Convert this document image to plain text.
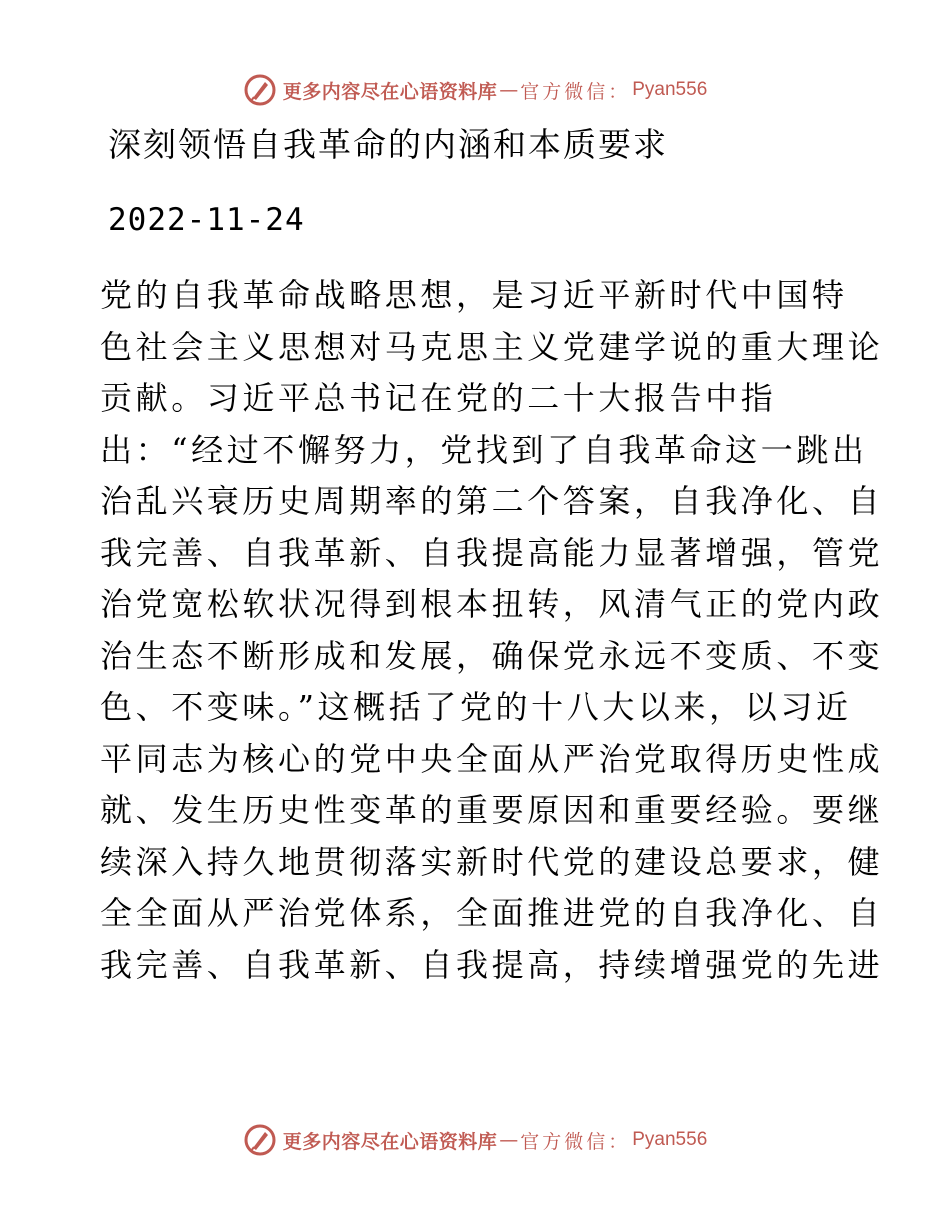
更多内容尽在心语资料库 — 官方微信： Pyan556
深刻领悟自我革命的内涵和本质要求
2022-11-24
党的自我革命战略思想，是习近平新时代中国特
色社会主义思想对马克思主义党建学说的重大理论
贡献。习近平总书记在党的二十大报告中指
出：“经过不懈努力，党找到了自我革命这一跳出
治乱兴衰历史周期率的第二个答案，自我净化、自
我完善、自我革新、自我提高能力显著增强，管党
治党宽松软状况得到根本扭转，风清气正的党内政
治生态不断形成和发展，确保党永远不变质、不变
色、不变味。”这概括了党的十八大以来，以习近
平同志为核心的党中央全面从严治党取得历史性成
就、发生历史性变革的重要原因和重要经验。要继
续深入持久地贯彻落实新时代党的建设总要求，健
全全面从严治党体系，全面推进党的自我净化、自
我完善、自我革新、自我提高，持续增强党的先进
更多内容尽在心语资料库 — 官方微信： Pyan556
